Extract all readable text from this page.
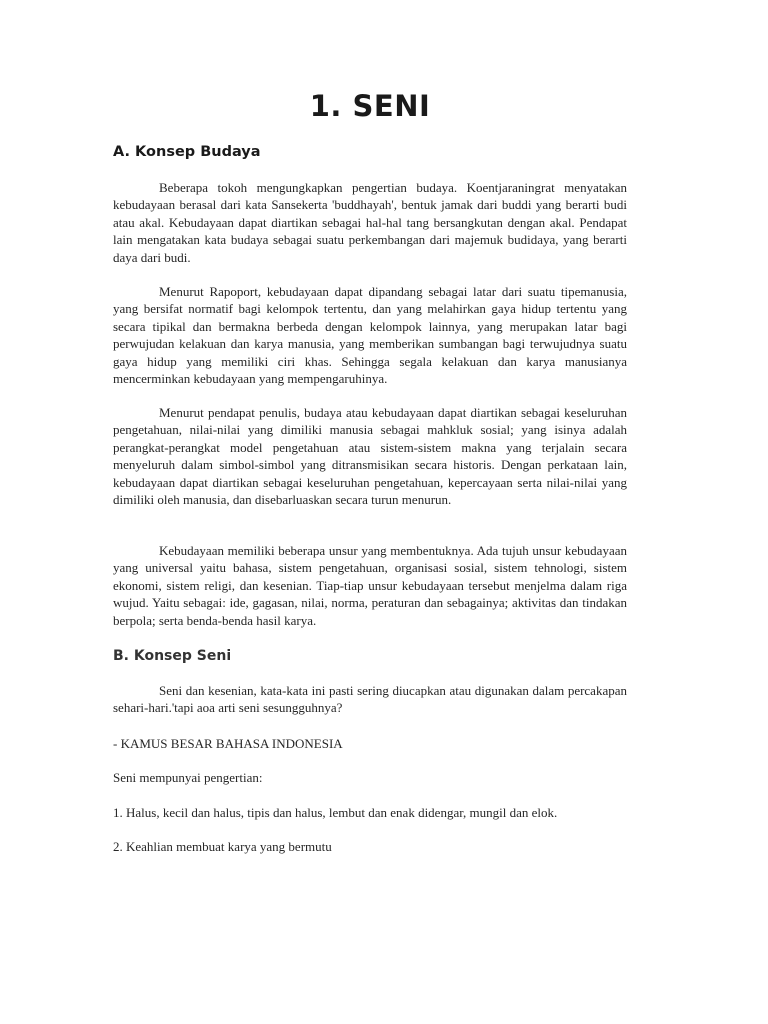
1. SENI
A. Konsep Budaya

Beberapa tokoh mengungkapkan pengertian budaya. Koentjaraningrat menyatakan kebudayaan berasal dari kata Sansekerta 'buddhayah', bentuk jamak dari buddi yang berarti budi atau akal. Kebudayaan dapat diartikan sebagai hal-hal tang bersangkutan dengan akal. Pendapat lain mengatakan kata budaya sebagai suatu perkembangan dari majemuk budidaya, yang berarti daya dari budi.

Menurut Rapoport, kebudayaan dapat dipandang sebagai latar dari suatu tipemanusia, yang bersifat normatif bagi kelompok tertentu, dan yang melahirkan gaya hidup tertentu yang secara tipikal dan bermakna berbeda dengan kelompok lainnya, yang merupakan latar bagi perwujudan kelakuan dan karya manusia, yang memberikan sumbangan bagi terwujudnya suatu gaya hidup yang memiliki ciri khas. Sehingga segala kelakuan dan karya manusianya mencerminkan kebudayaan yang mempengaruhinya.

Menurut pendapat penulis, budaya atau kebudayaan dapat diartikan sebagai keseluruhan pengetahuan, nilai-nilai yang dimiliki manusia sebagai mahkluk sosial; yang isinya adalah perangkat-perangkat model pengetahuan atau sistem-sistem makna yang terjalain secara menyeluruh dalam simbol-simbol yang ditransmisikan secara historis. Dengan perkataan lain, kebudayaan dapat diartikan sebagai keseluruhan pengetahuan, kepercayaan serta nilai-nilai yang dimiliki oleh manusia, dan disebarluaskan secara turun menurun.

Kebudayaan memiliki beberapa unsur yang membentuknya. Ada tujuh unsur kebudayaan yang universal yaitu bahasa, sistem pengetahuan, organisasi sosial, sistem tehnologi, sistem ekonomi, sistem religi, dan kesenian. Tiap-tiap unsur kebudayaan tersebut menjelma dalam riga wujud. Yaitu sebagai: ide, gagasan, nilai, norma, peraturan dan sebagainya; aktivitas dan tindakan berpola; serta benda-benda hasil karya.

B. Konsep Seni

Seni dan kesenian, kata-kata ini pasti sering diucapkan atau digunakan dalam percakapan sehari-hari.'tapi aoa arti seni sesungguhnya?

- KAMUS BESAR BAHASA INDONESIA

Seni mempunyai pengertian:

1. Halus, kecil dan halus, tipis dan halus, lembut dan enak didengar, mungil dan elok.

2. Keahlian membuat karya yang bermutu
